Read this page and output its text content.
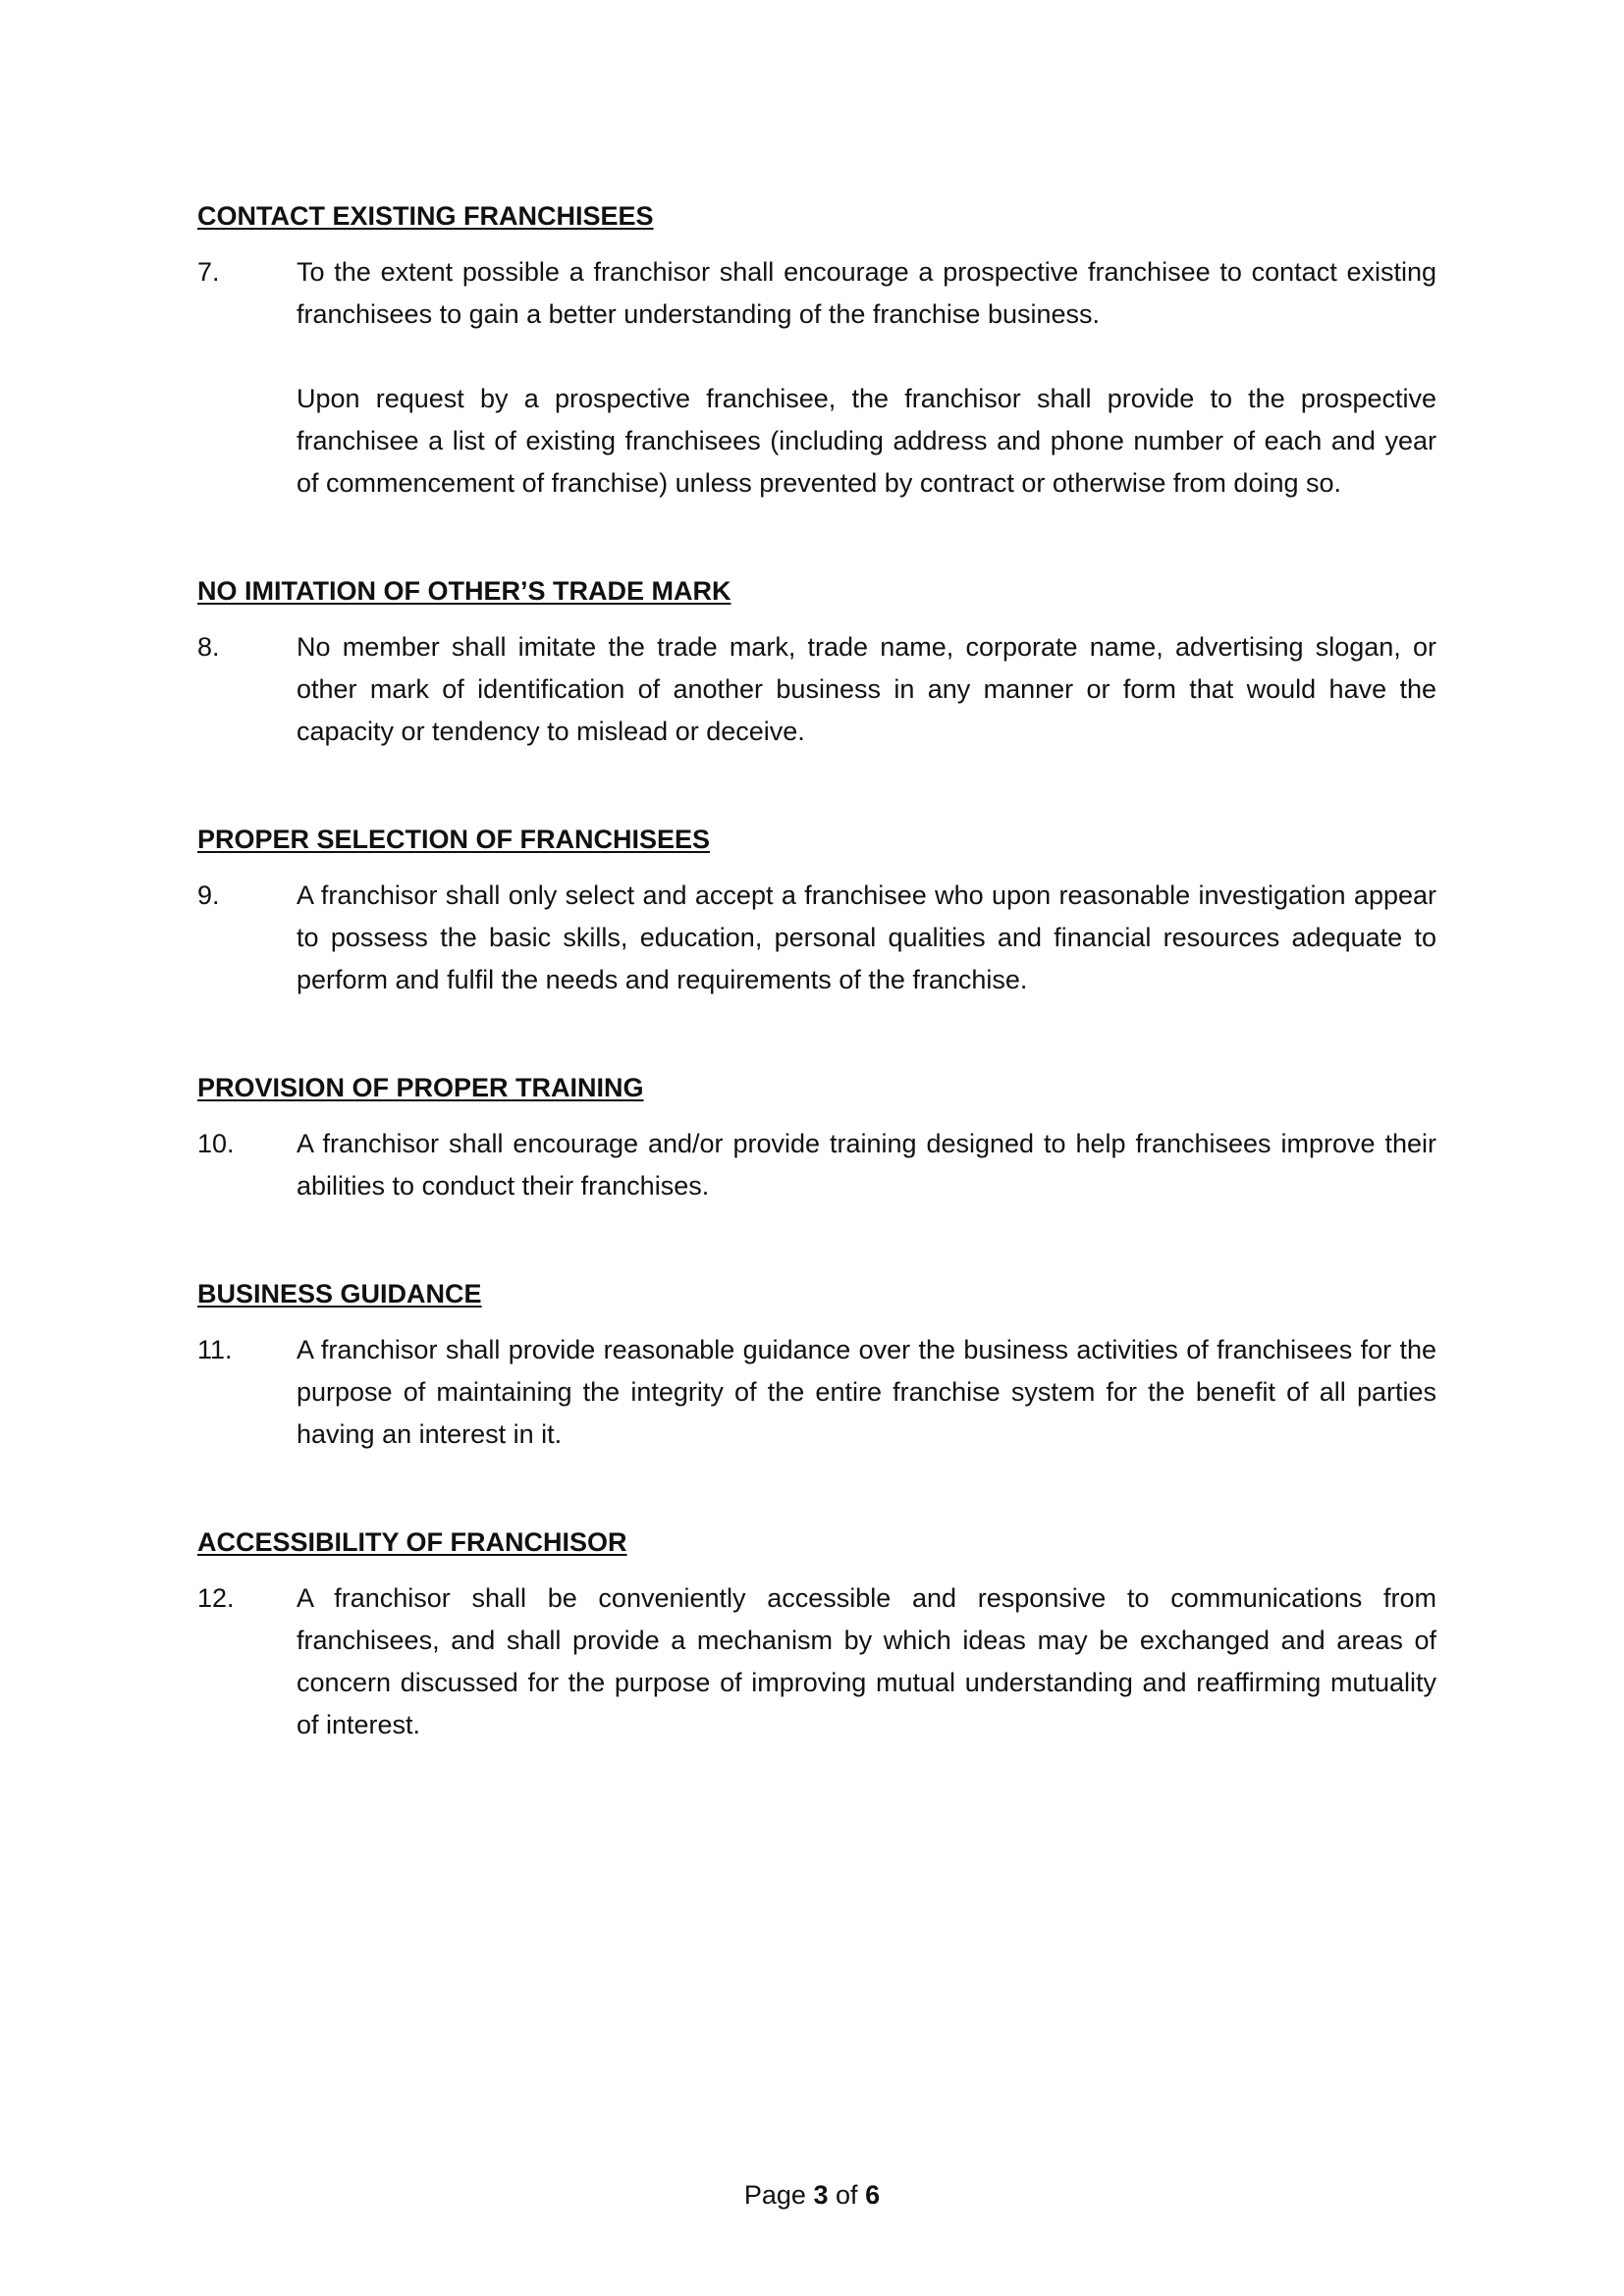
CONTACT EXISTING FRANCHISEES
7.	To the extent possible a franchisor shall encourage a prospective franchisee to contact existing franchisees to gain a better understanding of the franchise business.

Upon request by a prospective franchisee, the franchisor shall provide to the prospective franchisee a list of existing franchisees (including address and phone number of each and year of commencement of franchise) unless prevented by contract or otherwise from doing so.

NO IMITATION OF OTHER’S TRADE MARK
8.	No member shall imitate the trade mark, trade name, corporate name, advertising slogan, or other mark of identification of another business in any manner or form that would have the capacity or tendency to mislead or deceive.

PROPER SELECTION OF FRANCHISEES
9.	A franchisor shall only select and accept a franchisee who upon reasonable investigation appear to possess the basic skills, education, personal qualities and financial resources adequate to perform and fulfil the needs and requirements of the franchise.

PROVISION OF PROPER TRAINING
10.	A franchisor shall encourage and/or provide training designed to help franchisees improve their abilities to conduct their franchises.

BUSINESS GUIDANCE
11.	A franchisor shall provide reasonable guidance over the business activities of franchisees for the purpose of maintaining the integrity of the entire franchise system for the benefit of all parties having an interest in it.

ACCESSIBILITY OF FRANCHISOR
12.	A franchisor shall be conveniently accessible and responsive to communications from franchisees, and shall provide a mechanism by which ideas may be exchanged and areas of concern discussed for the purpose of improving mutual understanding and reaffirming mutuality of interest.

Page 3 of 6
